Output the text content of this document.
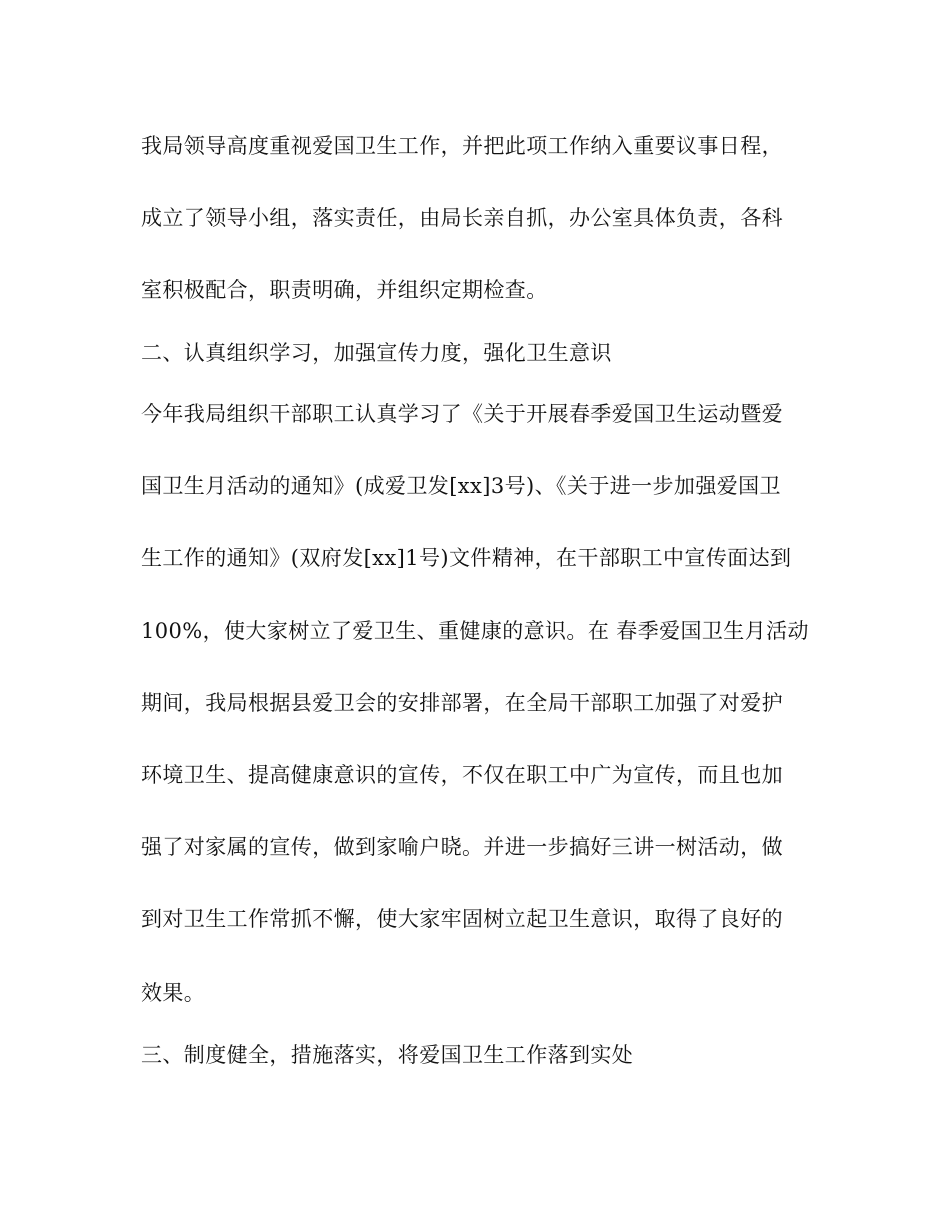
我局领导高度重视爱国卫生工作，并把此项工作纳入重要议事日程，
成立了领导小组，落实责任，由局长亲自抓，办公室具体负责，各科
室积极配合，职责明确，并组织定期检查。
二、认真组织学习，加强宣传力度，强化卫生意识
今年我局组织干部职工认真学习了《关于开展春季爱国卫生运动暨爱
国卫生月活动的通知》(成爱卫发[xx]3号)、《关于进一步加强爱国卫
生工作的通知》(双府发[xx]1号)文件精神，在干部职工中宣传面达到
100%，使大家树立了爱卫生、重健康的意识。在 春季爱国卫生月活动
期间，我局根据县爱卫会的安排部署，在全局干部职工加强了对爱护
环境卫生、提高健康意识的宣传，不仅在职工中广为宣传，而且也加
强了对家属的宣传，做到家喻户晓。并进一步搞好三讲一树活动，做
到对卫生工作常抓不懈，使大家牢固树立起卫生意识，取得了良好的
效果。
三、制度健全，措施落实，将爱国卫生工作落到实处
